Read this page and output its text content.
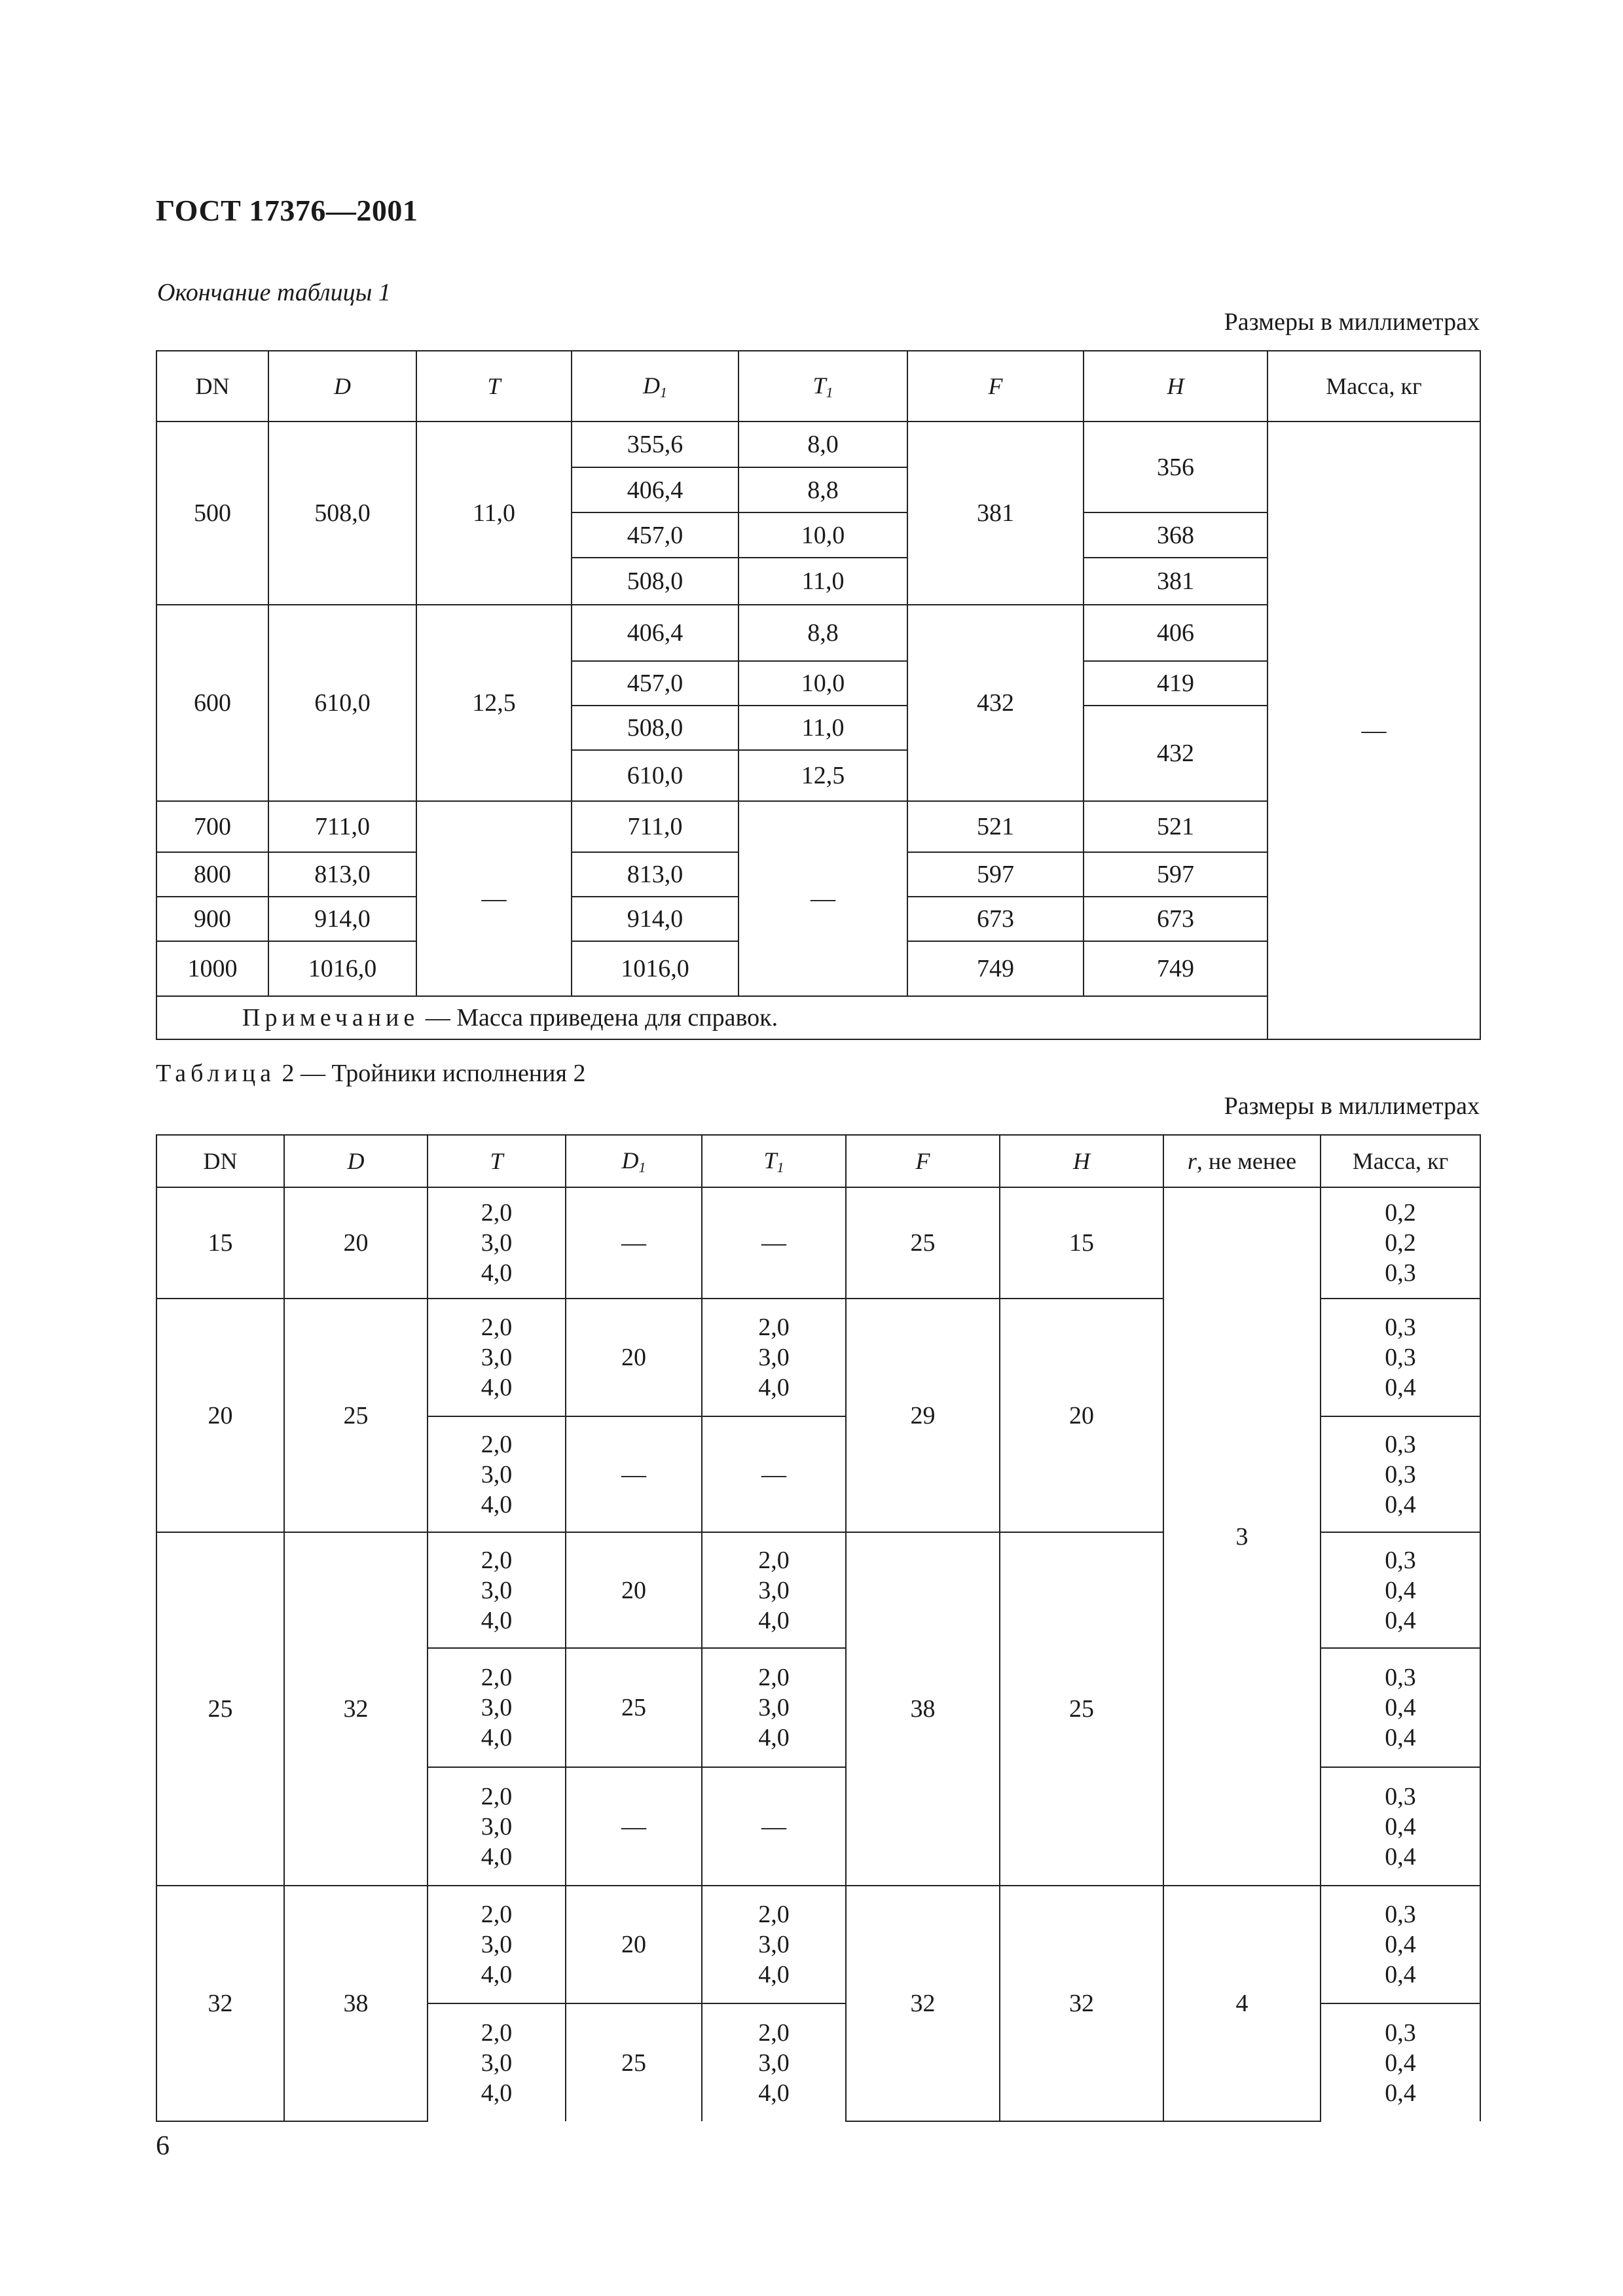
ГОСТ 17376—2001
Окончание таблицы 1
Размеры в миллиметрах
DN	D	T	$D_1$	$T_1$	F	H	Масса, кг
500	508,0	11,0	355,6	8,0	381	356	—
			406,4	8,8			
			457,0	10,0		368	
			508,0	11,0		381	
600	610,0	12,5	406,4	8,8	432	406	
			457,0	10,0		419	
			508,0	11,0		432	
			610,0	12,5			
700	711,0	—	711,0	—	521	521	
800	813,0		813,0		597	597	
900	914,0		914,0		673	673	
1000	1016,0		1016,0		749	749	
Примечание — Масса приведена для справок.							
Таблица 2 — Тройники исполнения 2
Размеры в миллиметрах
DN	D	T	$D_1$	$T_1$	F	H	r, не менее	Масса, кг
15	20	2,0
3,0
4,0	—	—	25	15	3	0,2
0,2
0,3
20	25	2,0
3,0
4,0	20	2,0
3,0
4,0	29	20		0,3
0,3
0,4
		2,0
3,0
4,0	—	—				0,3
0,3
0,4
25	32	2,0
3,0
4,0	20	2,0
3,0
4,0	38	25		0,3
0,4
0,4
		2,0
3,0
4,0	25	2,0
3,0
4,0				0,3
0,4
0,4
		2,0
3,0
4,0	—	—				0,3
0,4
0,4
32	38	2,0
3,0
4,0	20	2,0
3,0
4,0	32	32	4	0,3
0,4
0,4
		2,0
3,0
4,0	25	2,0
3,0
4,0				0,3
0,4
0,4
6
